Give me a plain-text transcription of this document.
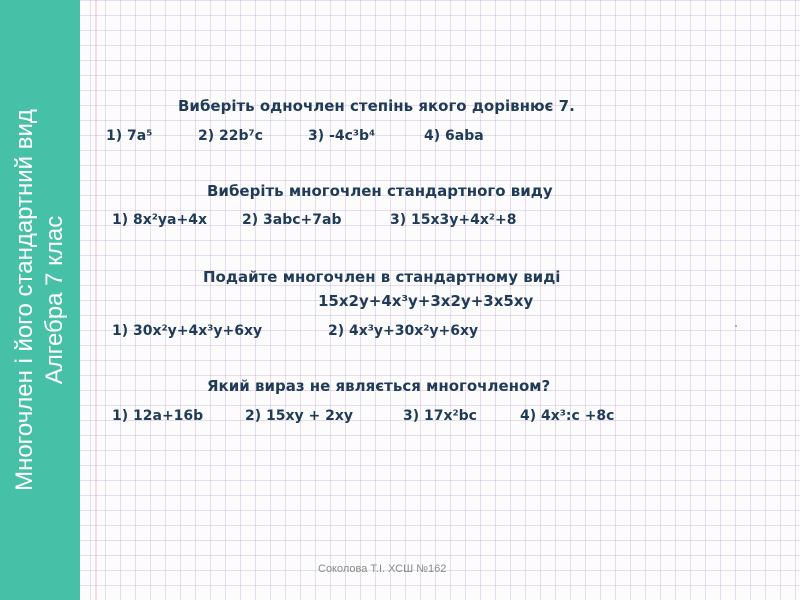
Многочлен і його стандартний вид Алгебра 7 клас
Виберіть одночлен степінь якого дорівнює 7.
1) 7a⁵	2) 22b⁷c	3) -4c³b⁴	4) 6aba
Виберіть многочлен стандартного виду
1) 8x²ya+4x	2) 3abc+7ab	3) 15x3y+4x²+8
Подайте многочлен в стандартному виді
15x2y+4x³y+3x2y+3x5xy
1) 30x²y+4x³y+6xy	2) 4x³y+30x²y+6xy
Який вираз не являється многочленом?
1) 12a+16b	2) 15xy + 2xy	3) 17x²bc	4) 4x³:c +8c
Соколова Т.І. ХСШ №162
